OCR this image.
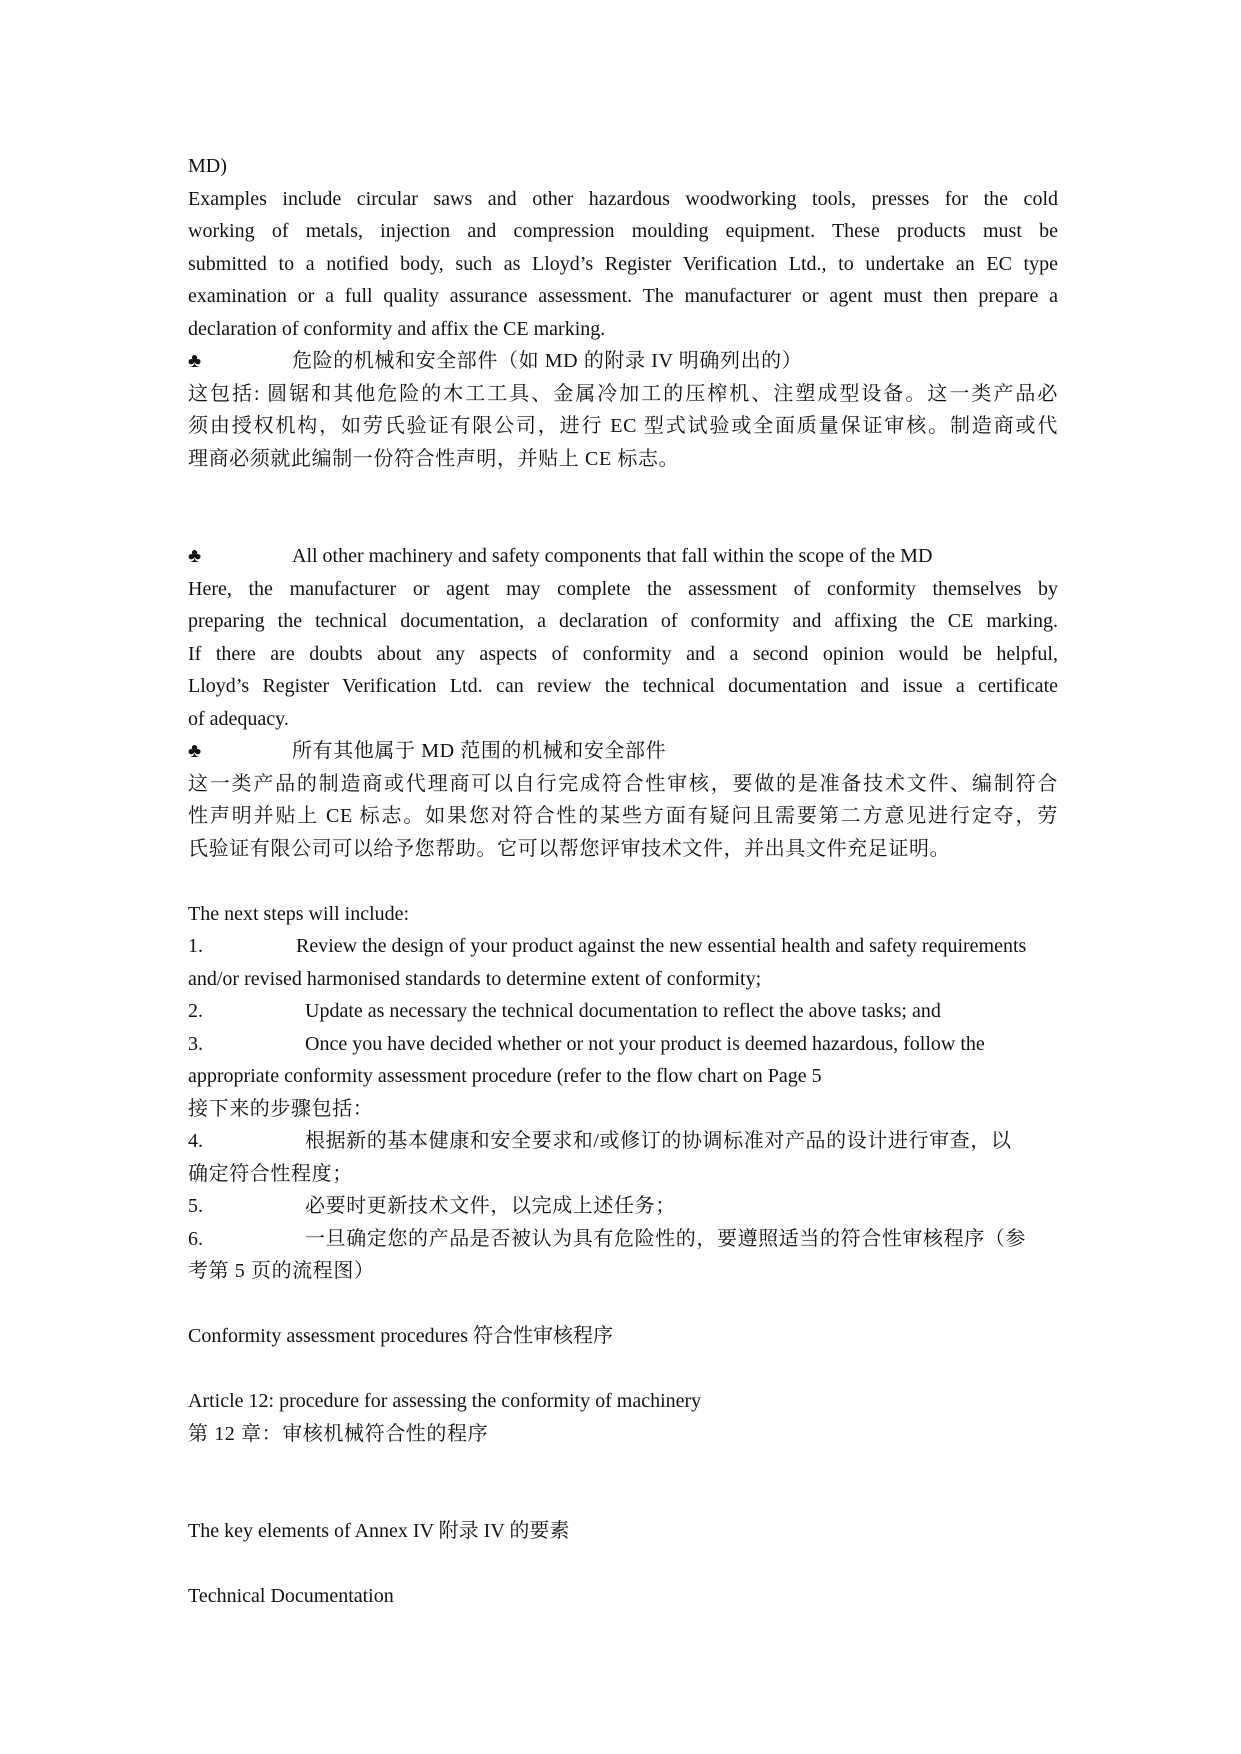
MD)

Examples include circular saws and other hazardous woodworking tools, presses for the cold

working of metals, injection and compression moulding equipment. These products must be

submitted to a notified body, such as Lloyd’s Register Verification Ltd., to undertake an EC type

examination or a full quality assurance assessment. The manufacturer or agent must then prepare a

declaration of conformity and affix the CE marking.

♣	危险的机械和安全部件（如 MD 的附录 IV 明确列出的）

这包括: 圆锯和其他危险的木工工具、金属冷加工的压榨机、注塑成型设备。这一类产品必

须由授权机构，如劳氏验证有限公司，进行 EC 型式试验或全面质量保证审核。制造商或代

理商必须就此编制一份符合性声明，并贴上 CE 标志。

♣	All other machinery and safety components that fall within the scope of the MD

Here, the manufacturer or agent may complete the assessment of conformity themselves by

preparing the technical documentation, a declaration of conformity and affixing the CE marking.

If there are doubts about any aspects of conformity and a second opinion would be helpful,

Lloyd’s Register Verification Ltd. can review the technical documentation and issue a certificate

of adequacy.

♣	所有其他属于 MD 范围的机械和安全部件

这一类产品的制造商或代理商可以自行完成符合性审核，要做的是准备技术文件、编制符合

性声明并贴上 CE 标志。如果您对符合性的某些方面有疑问且需要第二方意见进行定夺，劳

氏验证有限公司可以给予您帮助。它可以帮您评审技术文件，并出具文件充足证明。

The next steps will include:

1.	Review the design of your product against the new essential health and safety requirements

and/or revised harmonised standards to determine extent of conformity;

2.	Update as necessary the technical documentation to reflect the above tasks; and
3.	Once you have decided whether or not your product is deemed hazardous, follow the

appropriate conformity assessment procedure (refer to the flow chart on Page 5

接下来的步骤包括：

4.	根据新的基本健康和安全要求和/或修订的协调标准对产品的设计进行审查，以

确定符合性程度；

5.	必要时更新技术文件，以完成上述任务；
6.	一旦确定您的产品是否被认为具有危险性的，要遵照适当的符合性审核程序（参

考第 5 页的流程图）

Conformity assessment procedures 符合性审核程序

Article 12: procedure for assessing the conformity of machinery

第 12 章：审核机械符合性的程序

The key elements of Annex IV 附录 IV 的要素

Technical Documentation
